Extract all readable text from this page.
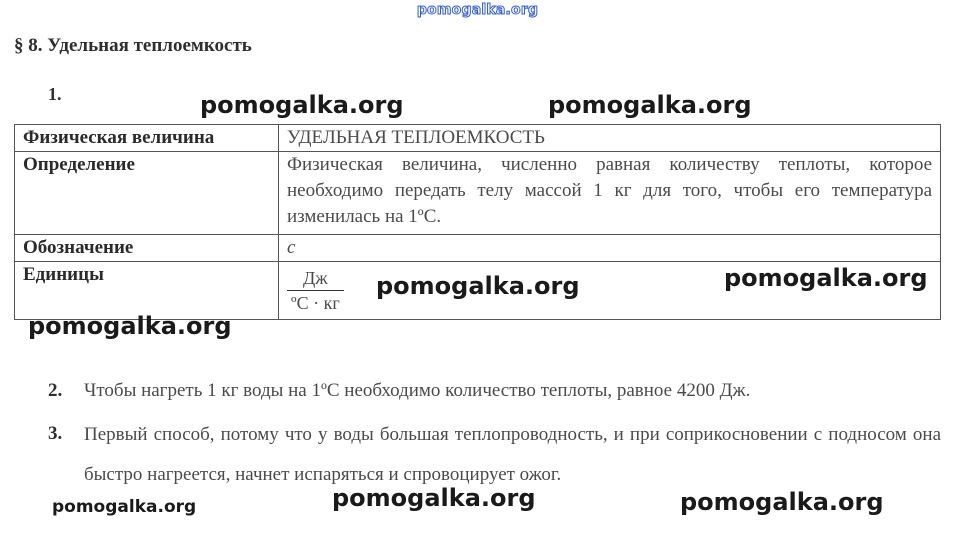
pomogalka.org
§ 8. Удельная теплоемкость
1.
Физическая величина	УДЕЛЬНАЯ ТЕПЛОЕМКОСТЬ
Определение	Физическая величина, численно равная количеству теплоты, которое необходимо передать телу массой 1 кг для того, чтобы его температура изменилась на 1ºС.
Обозначение	c
Единицы	$\frac{Дж}{\text{ºС · кг}}$
2. Чтобы нагреть 1 кг воды на 1ºС необходимо количество теплоты, равное 4200 Дж.
3. Первый способ, потому что у воды большая теплопроводность, и при соприкосновении с подносом она быстро нагреется, начнет испаряться и спровоцирует ожог.
pomogalka.org	pomogalka.org
pomogalka.org	pomogalka.org
pomogalka.org
pomogalka.org	pomogalka.org	pomogalka.org
